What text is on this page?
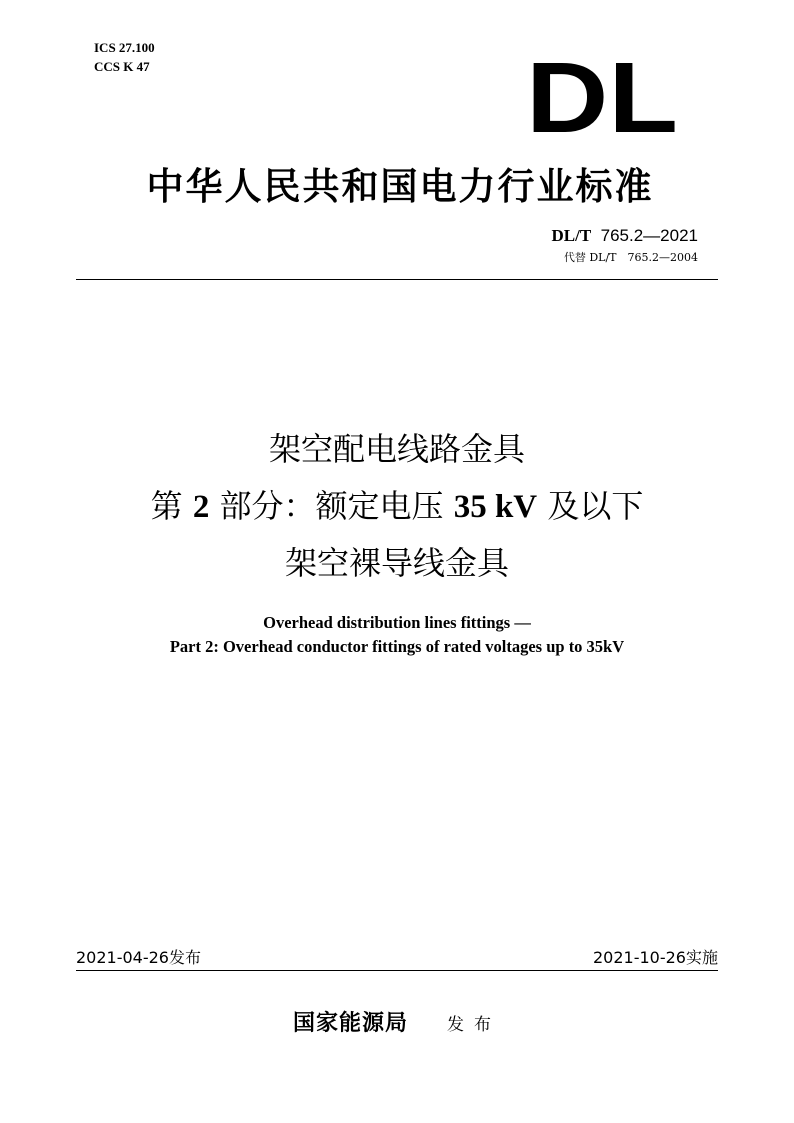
ICS 27.100
CCS K 47	DL
中华人民共和国电力行业标准
DL/T 765.2—2021
代替 DL/T　765.2—2004
架空配电线路金具
第 2 部分：额定电压 35 kV 及以下
架空裸导线金具
Overhead distribution lines fittings —
Part 2: Overhead conductor fittings of rated voltages up to 35kV
2021-04-26发布	2021-10-26实施
国家能源局 发布
